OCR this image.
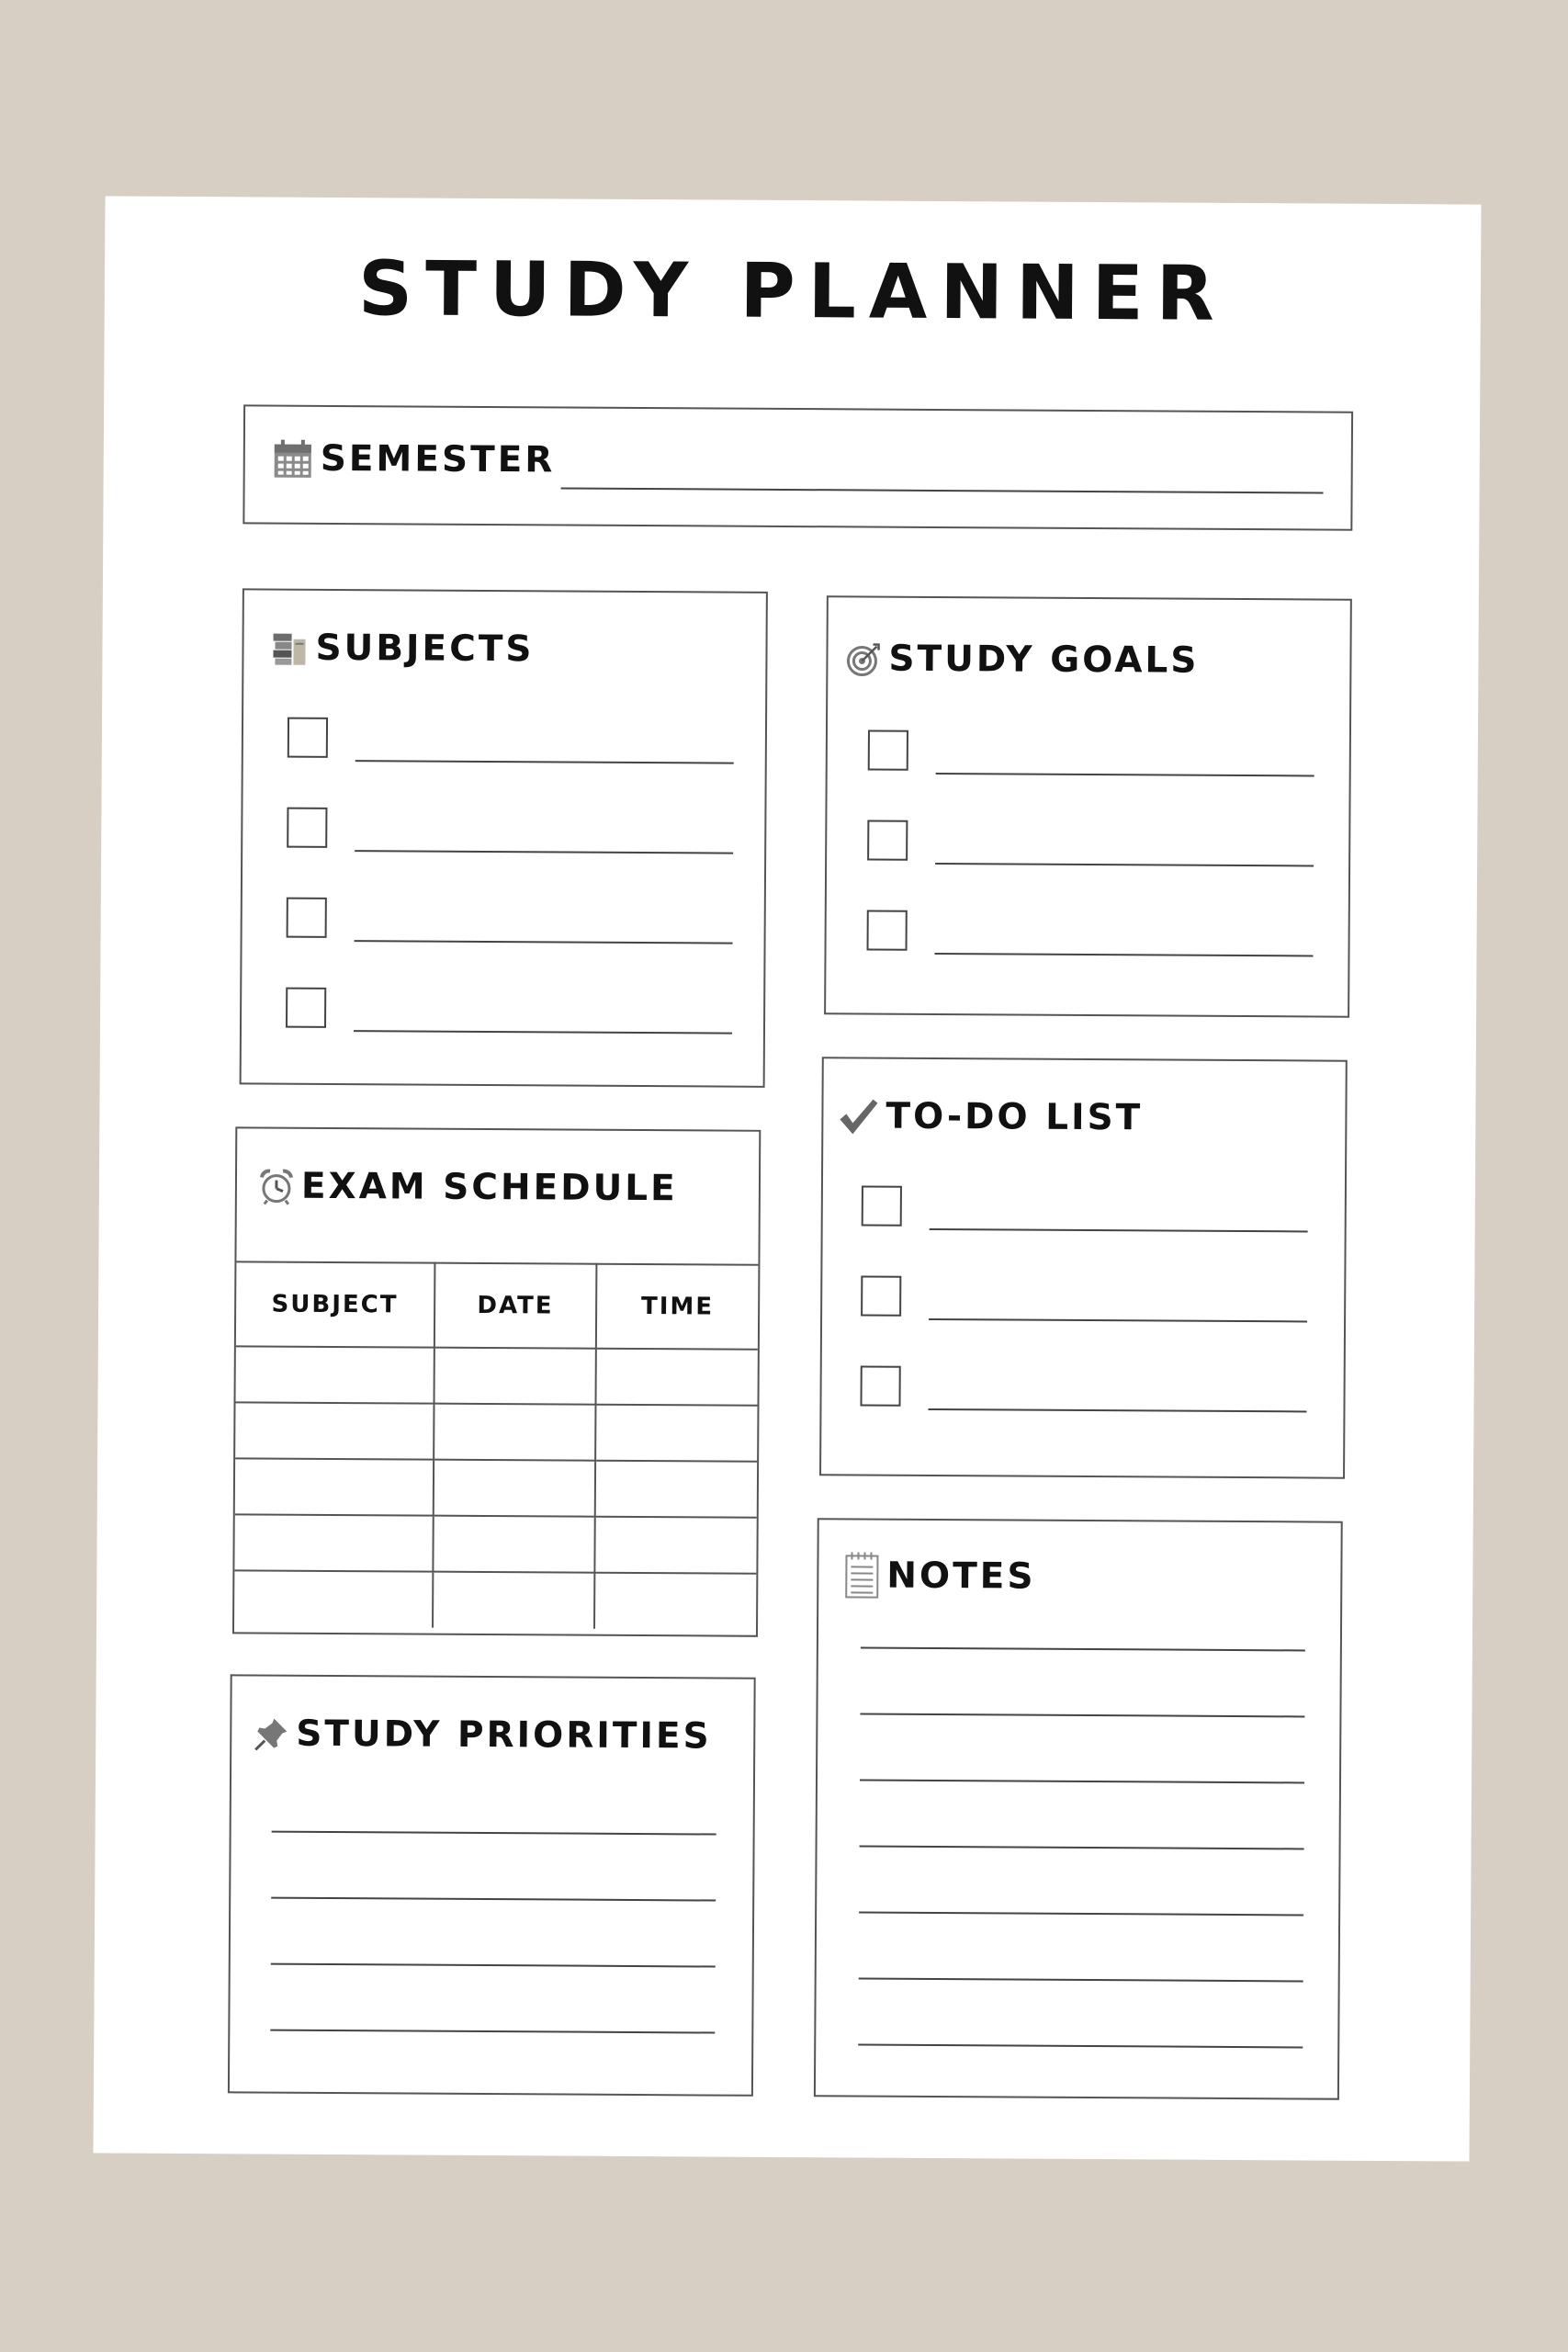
STUDY PLANNER
SEMESTER
SUBJECTS	STUDY GOALS
EXAM SCHEDULE
SUBJECT	DATE	TIME

TO-DO LIST
STUDY PRIORITIES
NOTES
